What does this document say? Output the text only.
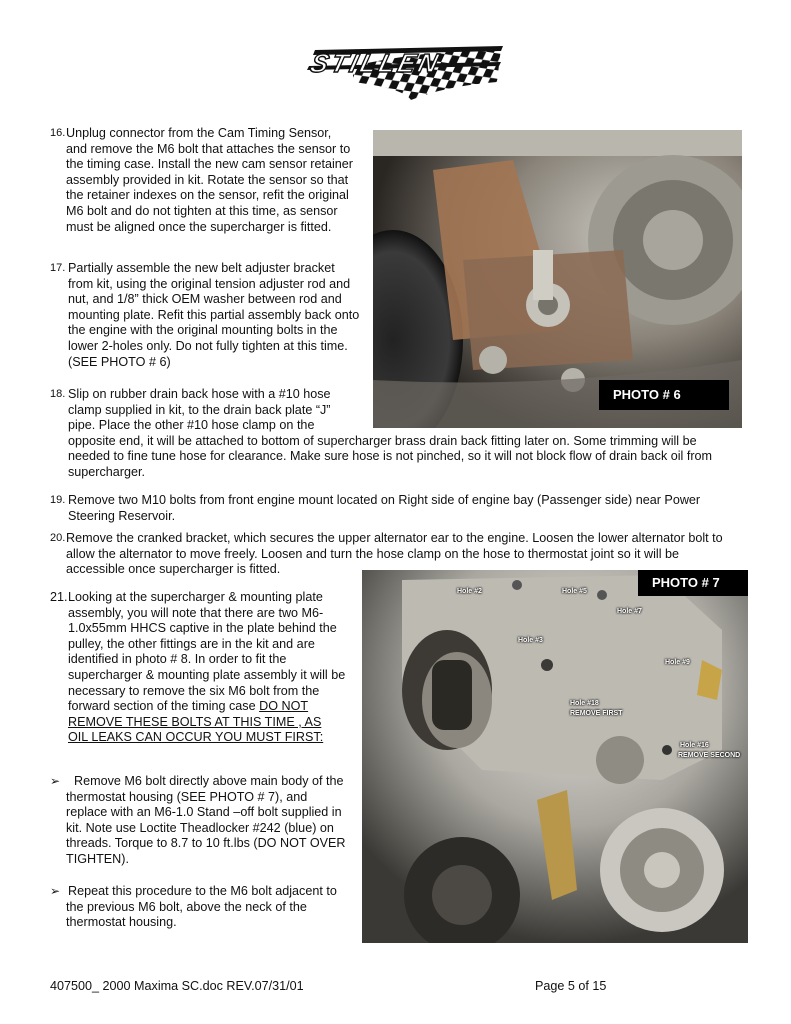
STILLEN
16. Unplug connector from the Cam Timing Sensor,
and remove the M6 bolt that attaches the sensor to
the timing case. Install the new cam sensor retainer
assembly provided in kit. Rotate the sensor so that
the retainer indexes on the sensor, refit the original
M6 bolt and do not tighten at this time, as sensor
must be aligned once the supercharger is fitted.
17. Partially assemble the new belt adjuster bracket
from kit, using the original tension adjuster rod and
nut, and 1/8” thick OEM washer between rod and
mounting plate. Refit this partial assembly back onto
the engine with the original mounting bolts in the
lower 2-holes only. Do not fully tighten at this time.
(SEE PHOTO # 6)
18. Slip on rubber drain back hose with a #10 hose
clamp supplied in kit, to the drain back plate “J”
pipe. Place the other #10 hose clamp on the
opposite end, it will be attached to bottom of supercharger brass drain back fitting later on. Some trimming will be
needed to fine tune hose for clearance. Make sure hose is not pinched, so it will not block flow of drain back oil from
supercharger.
19. Remove two M10 bolts from front engine mount located on Right side of engine bay (Passenger side) near Power
Steering Reservoir.
20. Remove the cranked bracket, which secures the upper alternator ear to the engine. Loosen the lower alternator bolt to
allow the alternator to move freely. Loosen and turn the hose clamp on the hose to thermostat joint so it will be
accessible once supercharger is fitted.
21. Looking at the supercharger & mounting plate
assembly, you will note that there are two M6-
1.0x55mm HHCS captive in the plate behind the
pulley, the other fittings are in the kit and are
identified in photo # 8. In order to fit the
supercharger & mounting plate assembly it will be
necessary to remove the six M6 bolt from the
forward section of the timing case DO NOT
REMOVE THESE BOLTS AT THIS TIME , AS
OIL LEAKS CAN OCCUR YOU MUST FIRST:
➢	Remove M6 bolt directly above main body of the
thermostat housing (SEE PHOTO # 7), and
replace with an M6-1.0 Stand –off bolt supplied in
kit. Note use Loctite Theadlocker #242 (blue) on
threads. Torque to 8.7 to 10 ft.lbs (DO NOT OVER
TIGHTEN).
➢ Repeat this procedure to the M6 bolt adjacent to
the previous M6 bolt, above the neck of the
thermostat housing.
PHOTO # 6
PHOTO # 7
Hole #2	Hole #5
Hole #7
Hole #3
Hole #9
Hole #18
REMOVE FIRST
Hole #16
REMOVE SECOND
407500_ 2000 Maxima SC.doc REV.07/31/01	Page 5 of 15
